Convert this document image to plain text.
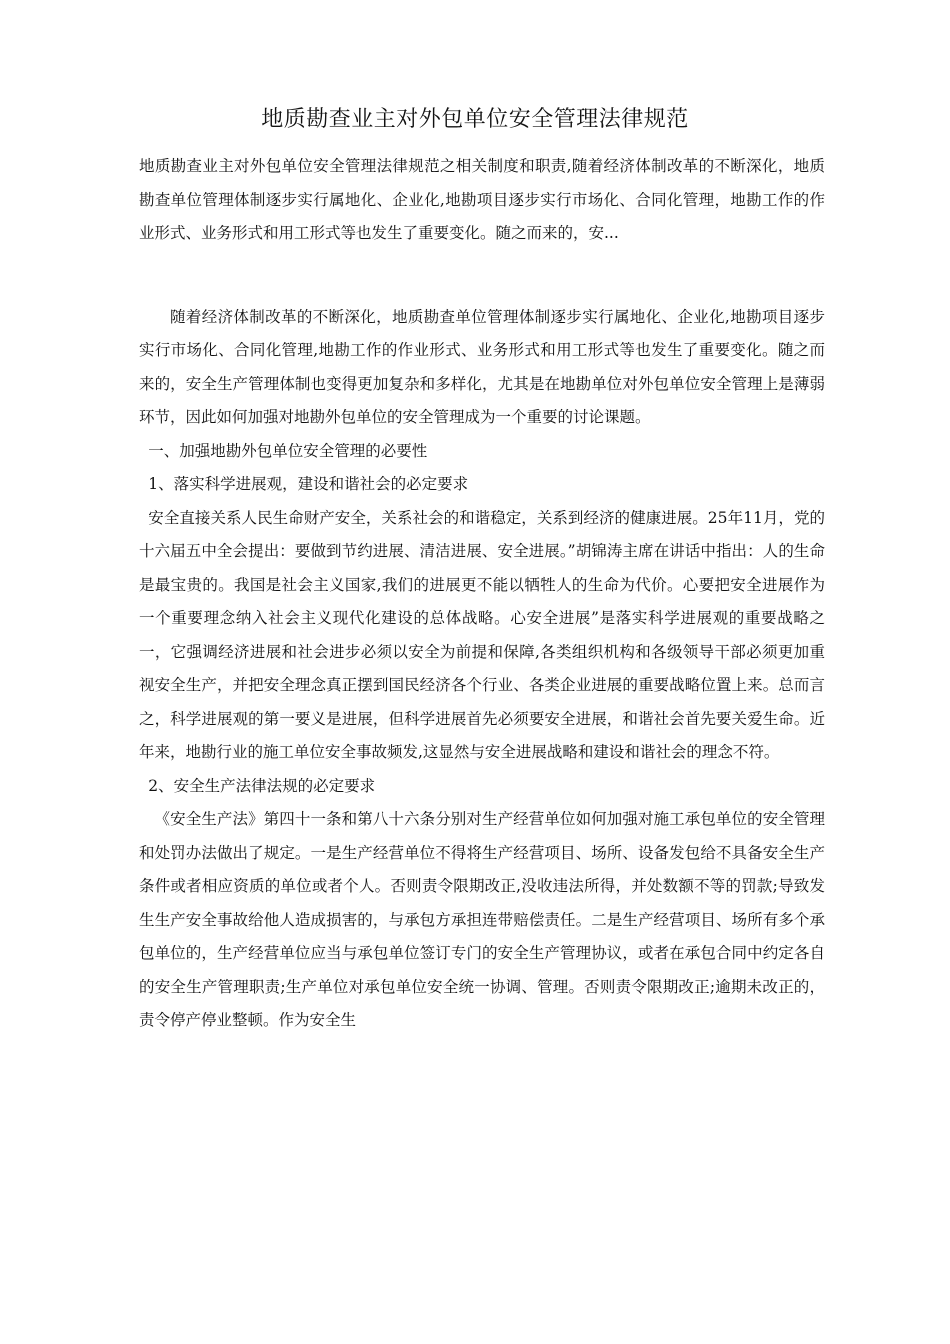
地质勘查业主对外包单位安全管理法律规范

地质勘查业主对外包单位安全管理法律规范之相关制度和职责,随着经济体制改革的不断深化，地质勘查单位管理体制逐步实行属地化、企业化,地勘项目逐步实行市场化、合同化管理，地勘工作的作业形式、业务形式和用工形式等也发生了重要变化。随之而来的，安...

随着经济体制改革的不断深化，地质勘查单位管理体制逐步实行属地化、企业化,地勘项目逐步实行市场化、合同化管理,地勘工作的作业形式、业务形式和用工形式等也发生了重要变化。随之而来的，安全生产管理体制也变得更加复杂和多样化，尤其是在地勘单位对外包单位安全管理上是薄弱环节，因此如何加强对地勘外包单位的安全管理成为一个重要的讨论课题。

一、加强地勘外包单位安全管理的必要性

1、落实科学进展观，建设和谐社会的必定要求

安全直接关系人民生命财产安全，关系社会的和谐稳定，关系到经济的健康进展。25年11月，党的十六届五中全会提出：要做到节约进展、清洁进展、安全进展。”胡锦涛主席在讲话中指出：人的生命是最宝贵的。我国是社会主义国家,我们的进展更不能以牺牲人的生命为代价。心要把安全进展作为一个重要理念纳入社会主义现代化建设的总体战略。心安全进展”是落实科学进展观的重要战略之一，它强调经济进展和社会进步必须以安全为前提和保障,各类组织机构和各级领导干部必须更加重视安全生产，并把安全理念真正摆到国民经济各个行业、各类企业进展的重要战略位置上来。总而言之，科学进展观的第一要义是进展，但科学进展首先必须要安全进展，和谐社会首先要关爱生命。近年来，地勘行业的施工单位安全事故频发,这显然与安全进展战略和建设和谐社会的理念不符。

2、安全生产法律法规的必定要求

《安全生产法》第四十一条和第八十六条分别对生产经营单位如何加强对施工承包单位的安全管理和处罚办法做出了规定。一是生产经营单位不得将生产经营项目、场所、设备发包给不具备安全生产条件或者相应资质的单位或者个人。否则责令限期改正,没收违法所得，并处数额不等的罚款;导致发生生产安全事故给他人造成损害的，与承包方承担连带赔偿责任。二是生产经营项目、场所有多个承包单位的，生产经营单位应当与承包单位签订专门的安全生产管理协议，或者在承包合同中约定各自的安全生产管理职责;生产单位对承包单位安全统一协调、管理。否则责令限期改正;逾期未改正的，责令停产停业整顿。作为安全生
